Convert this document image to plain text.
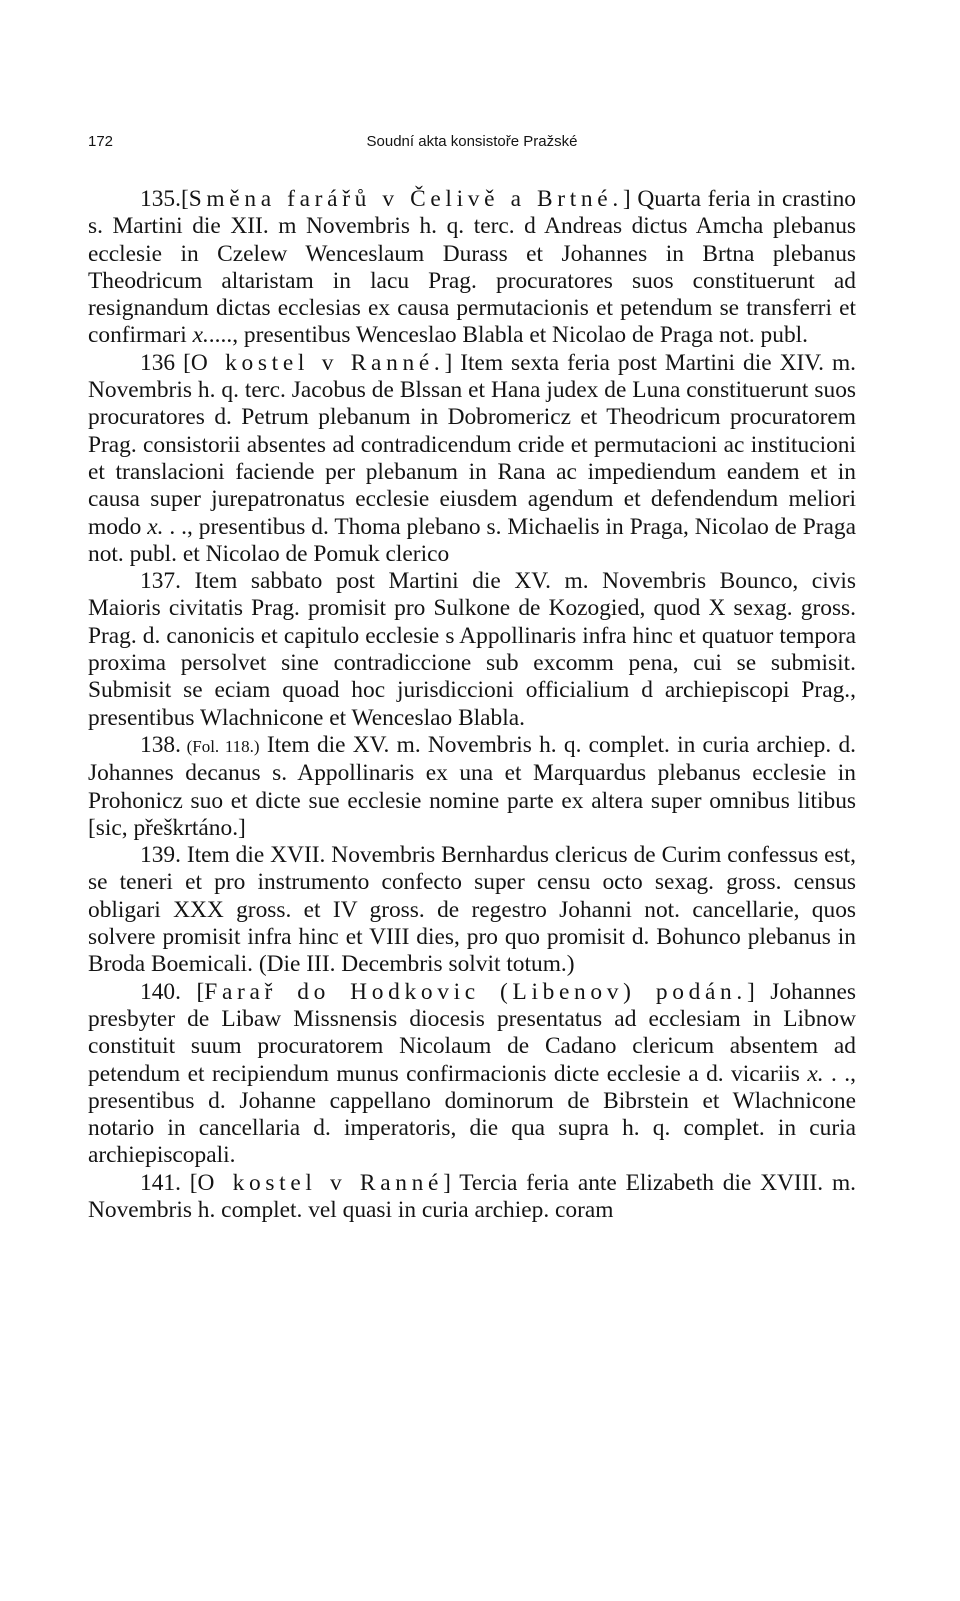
172	Soudní akta konsistoře Pražské

135.[Směna farářů v Čelivě a Brtné.] Quarta feria in crastino s. Martini die XII. m Novembris h. q. terc. d Andreas dictus Amcha plebanus ecclesie in Czelew Wenceslaum Durass et Johannes in Brtna plebanus Theodricum altaristam in lacu Prag. procuratores suos constituerunt ad resignandum dictas ecclesias ex causa permutacionis et petendum se transferri et confirmari x....., presentibus Wenceslao Blabla et Nicolao de Praga not. publ.

136 [O kostel v Ranné.] Item sexta feria post Martini die XIV. m. Novembris h. q. terc. Jacobus de Blssan et Hana judex de Luna constituerunt suos procuratores d. Petrum plebanum in Dobromericz et Theodricum procuratorem Prag. consistorii absentes ad contradicendum cride et permutacioni ac institucioni et translacioni faciende per plebanum in Rana ac impediendum eandem et in causa super jurepatronatus ecclesie eiusdem agendum et defendendum meliori modo x. . ., presentibus d. Thoma plebano s. Michaelis in Praga, Nicolao de Praga not. publ. et Nicolao de Pomuk clerico

137. Item sabbato post Martini die XV. m. Novembris Bounco, civis Maioris civitatis Prag. promisit pro Sulkone de Kozogied, quod X sexag. gross. Prag. d. canonicis et capitulo ecclesie s Appollinaris infra hinc et quatuor tempora proxima persolvet sine contradiccione sub excomm pena, cui se submisit. Submisit se eciam quoad hoc jurisdiccioni officialium d archiepiscopi Prag., presentibus Wlachnicone et Wenceslao Blabla.

138. (Fol. 118.) Item die XV. m. Novembris h. q. complet. in curia archiep. d. Johannes decanus s. Appollinaris ex una et Marquardus plebanus ecclesie in Prohonicz suo et dicte sue ecclesie nomine parte ex altera super omnibus litibus [sic, přeškrtáno.]

139. Item die XVII. Novembris Bernhardus clericus de Curim confessus est, se teneri et pro instrumento confecto super censu octo sexag. gross. census obligari XXX gross. et IV gross. de regestro Johanni not. cancellarie, quos solvere promisit infra hinc et VIII dies, pro quo promisit d. Bohunco plebanus in Broda Boemicali. (Die III. Decembris solvit totum.)

140. [Farař do Hodkovic (Libenov) podán.] Johannes presbyter de Libaw Missnensis diocesis presentatus ad ecclesiam in Libnow constituit suum procuratorem Nicolaum de Cadano clericum absentem ad petendum et recipiendum munus confirmacionis dicte ecclesie a d. vicariis x. . ., presentibus d. Johanne cappellano dominorum de Bibrstein et Wlachnicone notario in cancellaria d. imperatoris, die qua supra h. q. complet. in curia archiepiscopali.

141. [O kostel v Ranné] Tercia feria ante Elizabeth die XVIII. m. Novembris h. complet. vel quasi in curia archiep. coram
